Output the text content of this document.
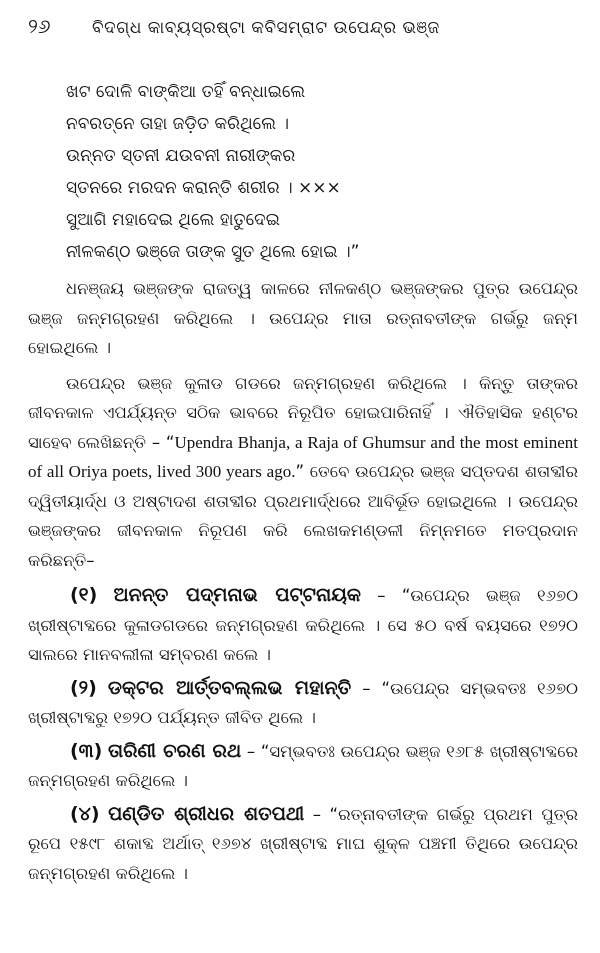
୨୬	ବିଦଗ୍ଧ କାବ୍ୟସ୍ରଷ୍ଟା କବିସମ୍ରାଟ ଉପେନ୍ଦ୍ର ଭଞ୍ଜ
ଖଟ ଦୋଳି ବାଙ୍କିଆ ତହିଁ ବନ୍ଧାଇଲେ
ନବରତ୍ନେ ତାହା ଜଡ଼ିତ କରିଥିଲେ ।
ଉନ୍ନତ ସ୍ତନୀ ଯଉବନୀ ନାରୀଙ୍କର
ସ୍ତନରେ ମରଦନ କରାନ୍ତି ଶରୀର । ×××
ସୁଆଗି ମହାଦେଇ ଥିଲେ ହାତୁଦେଇ
ନୀଳକଣ୍ଠ ଭଞ୍ଜେ ତାଙ୍କ ସୁତ ଥିଲେ ହୋଇ ।”
ଧନଞ୍ଜୟ ଭଞ୍ଜଙ୍କ ରାଜତ୍ୱ କାଳରେ ନୀଳକଣ୍ଠ ଭଞ୍ଜଙ୍କର ପୁତ୍ର ଉପେନ୍ଦ୍ର ଭଞ୍ଜ ଜନ୍ମଗ୍ରହଣ କରିଥିଲେ । ଉପେନ୍ଦ୍ର ମାତା ରତ୍ନାବତୀଙ୍କ ଗର୍ଭରୁ ଜନ୍ମ ହୋଇଥିଲେ ।
ଉପେନ୍ଦ୍ର ଭଞ୍ଜ କୁଳାଡ ଗଡରେ ଜନ୍ମଗ୍ରହଣ କରିଥିଲେ । କିନ୍ତୁ ତାଙ୍କର ଜୀବନକାଳ ଏପର୍ଯ୍ୟନ୍ତ ସଠିକ ଭାବରେ ନିରୂପିତ ହୋଇପାରିନାହିଁ । ଐତିହାସିକ ହଣ୍ଟର ସାହେବ ଲେଖିଛନ୍ତି – “Upendra Bhanja, a Raja of Ghumsur and the most eminent of all Oriya poets, lived 300 years ago.” ତେବେ ଉପେନ୍ଦ୍ର ଭଞ୍ଜ ସପ୍ତଦଶ ଶତାବ୍ଦୀର ଦ୍ୱିତୀୟାର୍ଦ୍ଧ ଓ ଅଷ୍ଟାଦଶ ଶତାବ୍ଦୀର ପ୍ରଥମାର୍ଦ୍ଧରେ ଆବିର୍ଭୂତ ହୋଇଥିଲେ । ଉପେନ୍ଦ୍ର ଭଞ୍ଜଙ୍କର ଜୀବନକାଳ ନିରୂପଣ କରି ଲେଖକମଣ୍ଡଳୀ ନିମ୍ନମତେ ମତପ୍ରଦାନ କରିଛନ୍ତି–
(୧) ଅନନ୍ତ ପଦ୍ମନାଭ ପଟ୍ଟନାୟକ – “ଉପେନ୍ଦ୍ର ଭଞ୍ଜ ୧୬୭୦ ଖ୍ରୀଷ୍ଟାବ୍ଦରେ କୁଳାଡଗଡରେ ଜନ୍ମଗ୍ରହଣ କରିଥିଲେ । ସେ ୫୦ ବର୍ଷ ବୟସରେ ୧୭୨୦ ସାଲରେ ମାନବଲୀଳା ସମ୍ବରଣ କଲେ ।
(୨) ଡକ୍ଟର ଆର୍ତ୍ତବଲ୍ଲଭ ମହାନ୍ତି – “ଉପେନ୍ଦ୍ର ସମ୍ଭବତଃ ୧୬୭୦ ଖ୍ରୀଷ୍ଟାବ୍ଦରୁ ୧୭୨୦ ପର୍ଯ୍ୟନ୍ତ ଜୀବିତ ଥିଲେ ।
(୩) ତାରିଣୀ ଚରଣ ରଥ – “ସମ୍ଭବତଃ ଉପେନ୍ଦ୍ର ଭଞ୍ଜ ୧୬୮୫ ଖ୍ରୀଷ୍ଟାବ୍ଦରେ ଜନ୍ମଗ୍ରହଣ କରିଥିଲେ ।
(୪) ପଣ୍ଡିତ ଶ୍ରୀଧର ଶତପଥୀ – “ରତ୍ନାବତୀଙ୍କ ଗର୍ଭରୁ ପ୍ରଥମ ପୁତ୍ର ରୂପେ ୧୫୯୮ ଶକାବ୍ଦ ଅର୍ଥାତ୍ ୧୬୭୪ ଖ୍ରୀଷ୍ଟାବ୍ଦ ମାଘ ଶୁକ୍ଳ ପଞ୍ଚମୀ ତିଥିରେ ଉପେନ୍ଦ୍ର ଜନ୍ମଗ୍ରହଣ କରିଥିଲେ ।
